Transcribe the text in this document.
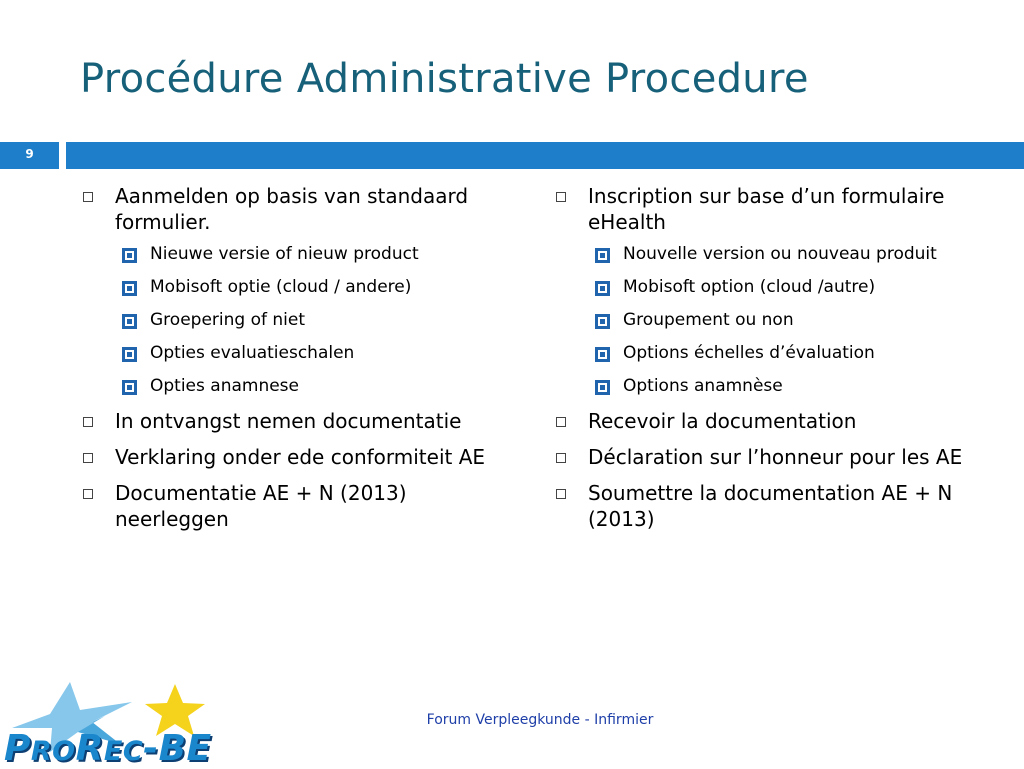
Procédure Administrative Procedure
9
Aanmelden op basis van standaard formulier.
Nieuwe versie of nieuw product
Mobisoft optie (cloud / andere)
Groepering of niet
Opties evaluatieschalen
Opties anamnese
In ontvangst nemen documentatie
Verklaring onder ede conformiteit AE
Documentatie AE + N (2013) neerleggen
Inscription sur base d’un formulaire eHealth
Nouvelle version ou nouveau produit
Mobisoft option (cloud /autre)
Groupement ou non
Options échelles d’évaluation
Options anamnèse
Recevoir la documentation
Déclaration sur l’honneur pour les AE
Soumettre la documentation AE + N (2013)
Forum Verpleegkunde - Infirmier
PROREC-BE
